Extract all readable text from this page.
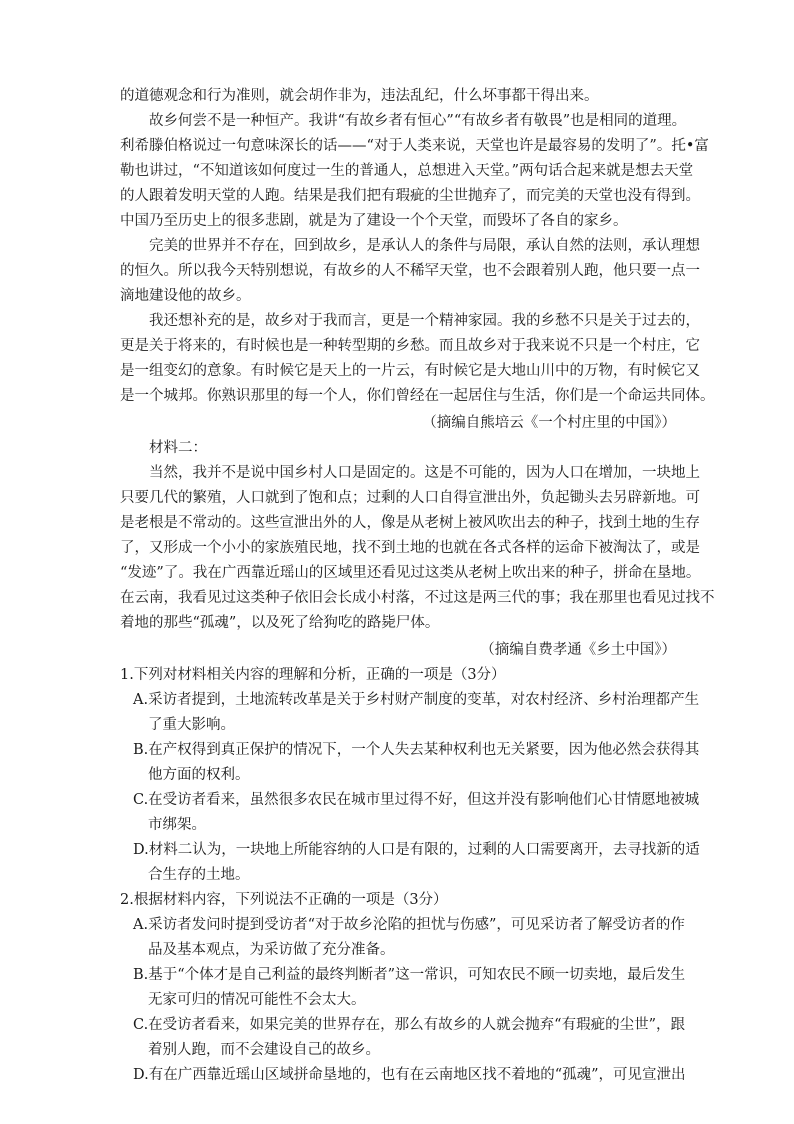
的道德观念和行为准则，就会胡作非为，违法乱纪，什么坏事都干得出来。

故乡何尝不是一种恒产。我讲“有故乡者有恒心”“有故乡者有敬畏”也是相同的道理。

利希滕伯格说过一句意味深长的话——“对于人类来说，天堂也许是最容易的发明了”。托•富

勒也讲过，“不知道该如何度过一生的普通人，总想进入天堂。”两句话合起来就是想去天堂

的人跟着发明天堂的人跑。结果是我们把有瑕疵的尘世抛弃了，而完美的天堂也没有得到。

中国乃至历史上的很多悲剧，就是为了建设一个个天堂，而毁坏了各自的家乡。

完美的世界并不存在，回到故乡，是承认人的条件与局限，承认自然的法则，承认理想

的恒久。所以我今天特别想说，有故乡的人不稀罕天堂，也不会跟着别人跑，他只要一点一

滴地建设他的故乡。

我还想补充的是，故乡对于我而言，更是一个精神家园。我的乡愁不只是关于过去的，

更是关于将来的，有时候也是一种转型期的乡愁。而且故乡对于我来说不只是一个村庄，它

是一组变幻的意象。有时候它是天上的一片云，有时候它是大地山川中的万物，有时候它又

是一个城邦。你熟识那里的每一个人，你们曾经在一起居住与生活，你们是一个命运共同体。

（摘编自熊培云《一个村庄里的中国》）

材料二：

当然，我并不是说中国乡村人口是固定的。这是不可能的，因为人口在增加，一块地上

只要几代的繁殖，人口就到了饱和点；过剩的人口自得宣泄出外，负起锄头去另辟新地。可

是老根是不常动的。这些宣泄出外的人，像是从老树上被风吹出去的种子，找到土地的生存

了，又形成一个小小的家族殖民地，找不到土地的也就在各式各样的运命下被淘汰了，或是

“发迹”了。我在广西靠近瑶山的区域里还看见过这类从老树上吹出来的种子，拼命在垦地。

在云南，我看见过这类种子依旧会长成小村落，不过这是两三代的事；我在那里也看见过找不

着地的那些“孤魂”，以及死了给狗吃的路毙尸体。

（摘编自费孝通《乡土中国》）

1.下列对材料相关内容的理解和分析，正确的一项是（3分）

A.采访者提到，土地流转改革是关于乡村财产制度的变革，对农村经济、乡村治理都产生

了重大影响。

B.在产权得到真正保护的情况下，一个人失去某种权利也无关紧要，因为他必然会获得其

他方面的权利。

C.在受访者看来，虽然很多农民在城市里过得不好，但这并没有影响他们心甘情愿地被城

市绑架。

D.材料二认为，一块地上所能容纳的人口是有限的，过剩的人口需要离开，去寻找新的适

合生存的土地。

2.根据材料内容，下列说法不正确的一项是（3分）

A.采访者发问时提到受访者“对于故乡沦陷的担忧与伤感”，可见采访者了解受访者的作

品及基本观点，为采访做了充分准备。

B.基于“个体才是自己利益的最终判断者”这一常识，可知农民不顾一切卖地，最后发生

无家可归的情况可能性不会太大。

C.在受访者看来，如果完美的世界存在，那么有故乡的人就会抛弃“有瑕疵的尘世”，跟

着别人跑，而不会建设自己的故乡。

D.有在广西靠近瑶山区域拼命垦地的，也有在云南地区找不着地的“孤魂”，可见宣泄出
